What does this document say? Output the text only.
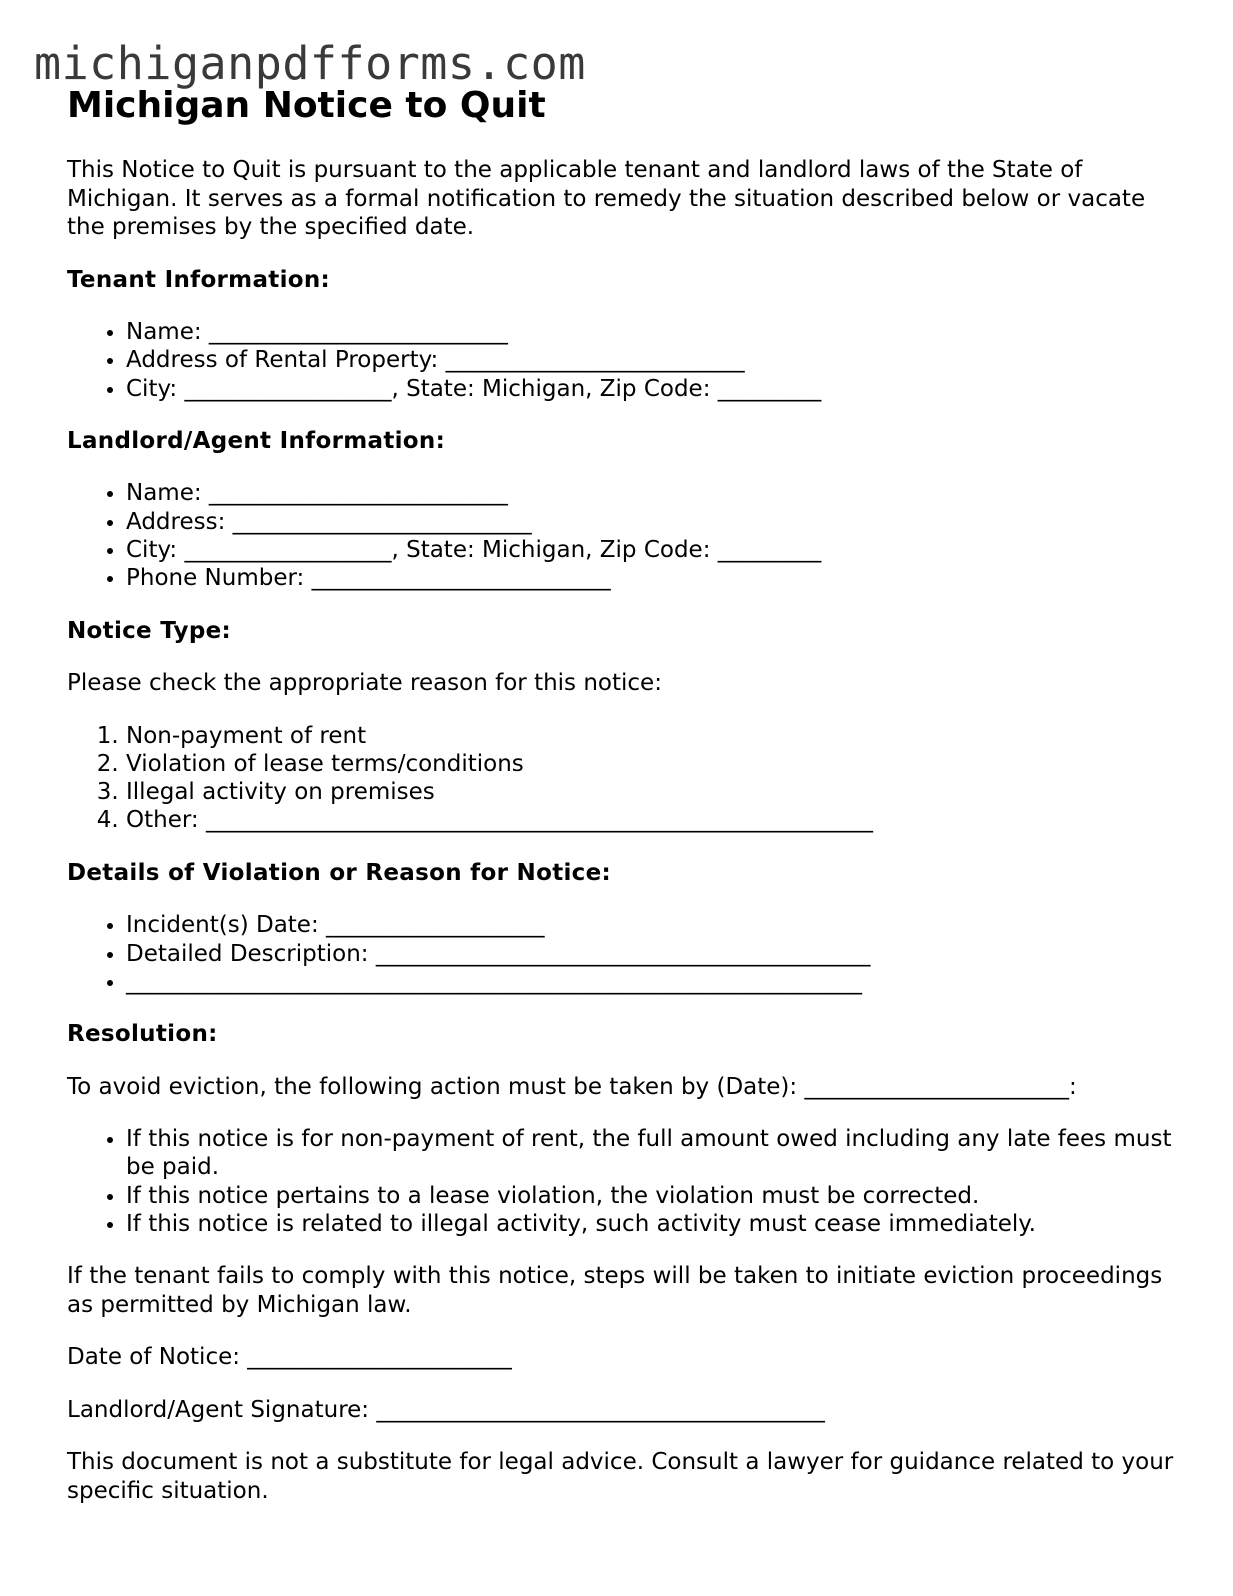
michiganpdfforms.com
Michigan Notice to Quit

This Notice to Quit is pursuant to the applicable tenant and landlord laws of the State of Michigan. It serves as a formal notification to remedy the situation described below or vacate the premises by the specified date.

Tenant Information:
• Name: __________________________
• Address of Rental Property: __________________________
• City: __________________, State: Michigan, Zip Code: _________
Landlord/Agent Information:
• Name: __________________________
• Address: __________________________
• City: __________________, State: Michigan, Zip Code: _________
• Phone Number: __________________________
Notice Type:

Please check the appropriate reason for this notice:

1. Non-payment of rent
2. Violation of lease terms/conditions
3. Illegal activity on premises
4. Other: __________________________________________________________
Details of Violation or Reason for Notice:
• Incident(s) Date: ___________________
• Detailed Description: ___________________________________________
• ________________________________________________________________
Resolution:

To avoid eviction, the following action must be taken by (Date): _______________________:

• If this notice is for non-payment of rent, the full amount owed including any late fees must be paid.
• If this notice pertains to a lease violation, the violation must be corrected.
• If this notice is related to illegal activity, such activity must cease immediately.

If the tenant fails to comply with this notice, steps will be taken to initiate eviction proceedings as permitted by Michigan law.

Date of Notice: _______________________

Landlord/Agent Signature: _______________________________________

This document is not a substitute for legal advice. Consult a lawyer for guidance related to your specific situation.
